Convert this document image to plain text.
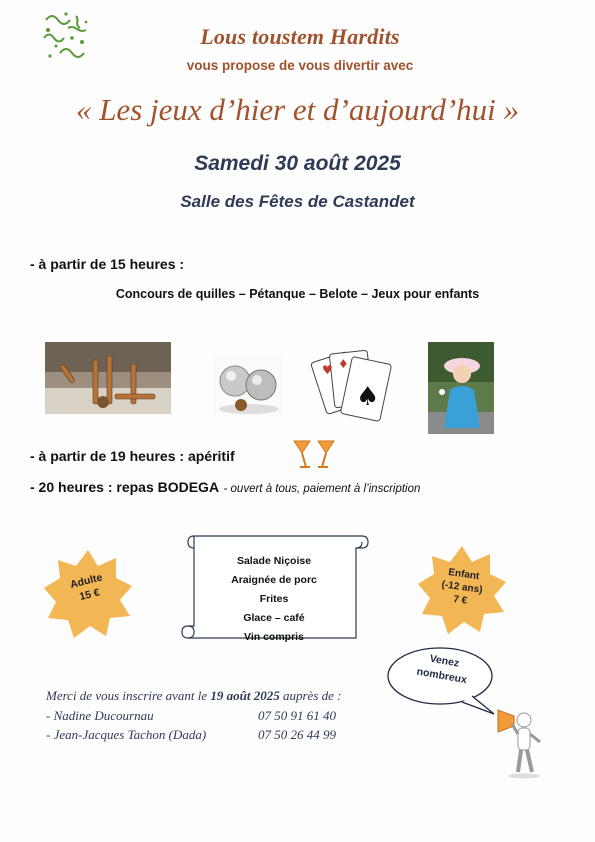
Lous toustem Hardits
vous propose de vous divertir avec
« Les jeux d’hier et d’aujourd’hui »
Samedi 30 août 2025
Salle des Fêtes de Castandet
- à partir de 15 heures :
Concours de quilles – Pétanque – Belote – Jeux pour enfants
♥ ♦
♠
- à partir de 19 heures : apéritif
- 20 heures : repas BODEGA - ouvert à tous, paiement à l’inscription
Salade Niçoise
Araignée de porc
Frites
Glace – café
Vin compris
Adulte
15 €
Enfant
(-12 ans)
7 €
Venez
nombreux
Merci de vous inscrire avant le 19 août 2025 auprès de :
- Nadine Ducournau	07 50 91 61 40
- Jean-Jacques Tachon (Dada)	07 50 26 44 99
